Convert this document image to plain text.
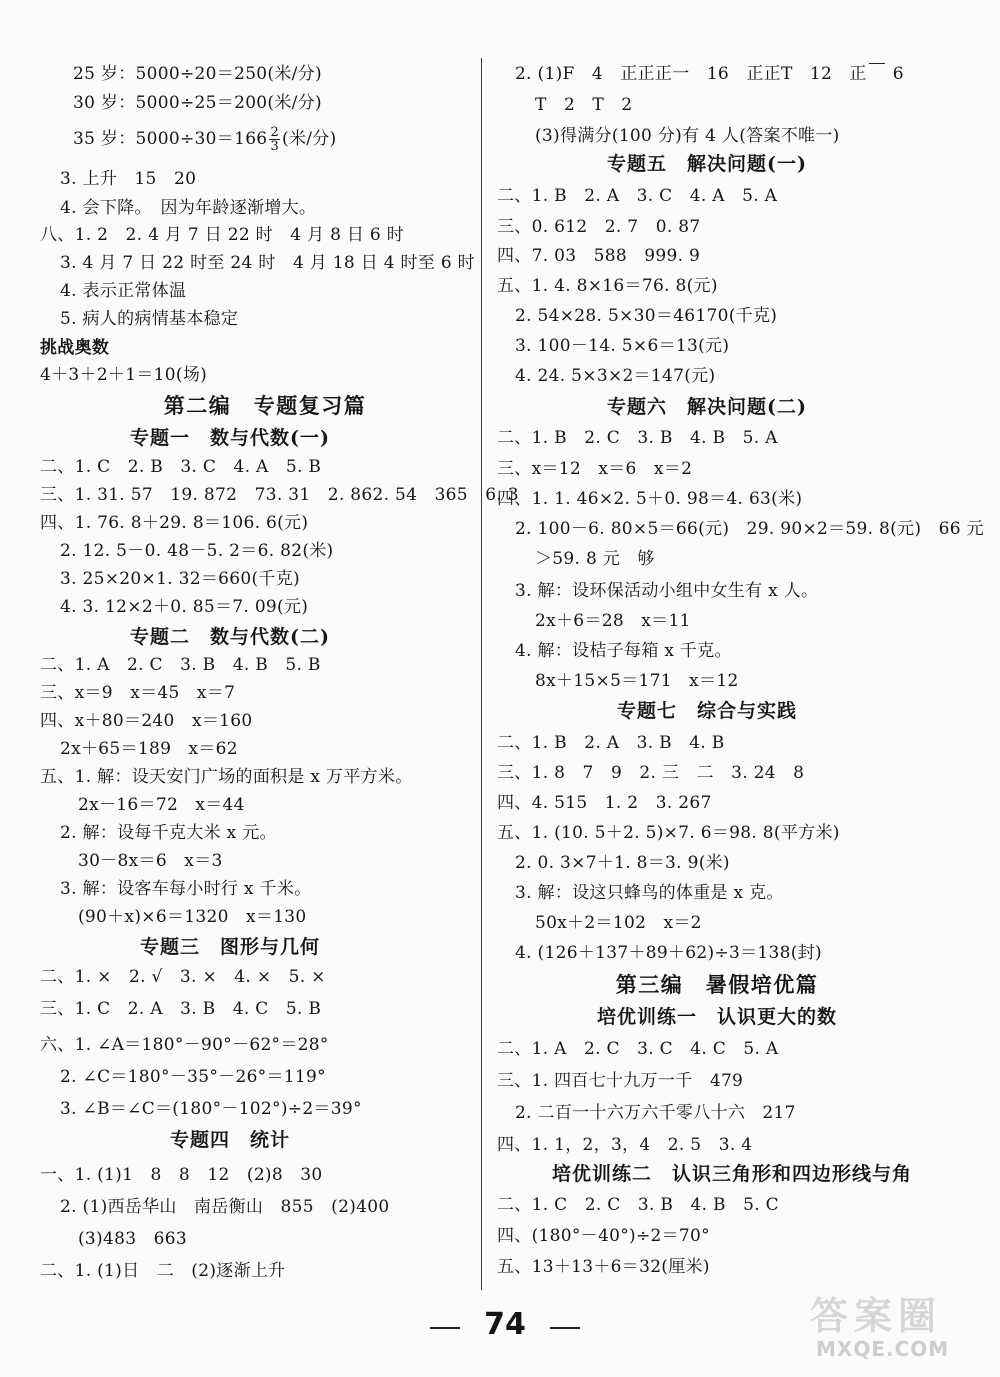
25 岁：5000÷20＝250(米/分)
30 岁：5000÷25＝200(米/分)
35 岁：$5000\div 30=166 \frac{2}{3}$ (米/分)
3. 上升　15　20
4. 会下降。　因为年龄逐渐增大。
八、1. 2　2. 4 月 7 日 22 时　4 月 8 日 6 时
3. 4 月 7 日 22 时至 24 时　4 月 18 日 4 时至 6 时
4. 表示正常体温
5. 病人的病情基本稳定
挑战奥数
4＋3＋2＋1＝10(场)
第二编　专题复习篇
专题一　数与代数(一)
二、1. C　2. B　3. C　4. A　5. B
三、1. 31. 57　19. 872　73. 31　2. 862. 54　365　6. 3
四、1. 76. 8＋29. 8＝106. 6(元)
2. 12. 5－0. 48－5. 2＝6. 82(米)
3. 25×20×1. 32＝660(千克)
4. 3. 12×2＋0. 85＝7. 09(元)
专题二　数与代数(二)
二、1. A　2. C　3. B　4. B　5. B
三、x＝9　x＝45　x＝7
四、x＋80＝240　x＝160
2x＋65＝189　x＝62
五、1. 解：设天安门广场的面积是 x 万平方米。
2x－16＝72　x＝44
2. 解：设每千克大米 x 元。
30－8x＝6　x＝3
3. 解：设客车每小时行 x 千米。
(90＋x)×6＝1320　x＝130
专题三　图形与几何
二、1. ×　2. √　3. ×　4. ×　5. ×
三、1. C　2. A　3. B　4. C　5. B
六、1. ∠A＝180°－90°－62°＝28°
2. ∠C＝180°－35°－26°＝119°
3. ∠B＝∠C＝(180°－102°)÷2＝39°
专题四　统计
一、1. (1)1　8　8　12　(2)8　30
2. (1)西岳华山　南岳衡山　855　(2)400
(3)483　663
二、1. (1)日　二　(2)逐渐上升
2. (1)F　4　正正正一　16　正正T　12　正 6
T　2　T　2
(3)得满分(100 分)有 4 人(答案不唯一)
专题五　解决问题(一)
二、1. B　2. A　3. C　4. A　5. A
三、0. 612　2. 7　0. 87
四、7. 03　588　999. 9
五、1. 4. 8×16＝76. 8(元)
2. 54×28. 5×30＝46170(千克)
3. 100－14. 5×6＝13(元)
4. 24. 5×3×2＝147(元)
专题六　解决问题(二)
二、1. B　2. C　3. B　4. B　5. A
三、x＝12　x＝6　x＝2
四、1. 1. 46×2. 5＋0. 98＝4. 63(米)
2. 100－6. 80×5＝66(元)　29. 90×2＝59. 8(元)　66 元
＞59. 8 元　够
3. 解：设环保活动小组中女生有 x 人。
2x＋6＝28　x＝11
4. 解：设桔子每箱 x 千克。
8x＋15×5＝171　x＝12
专题七　综合与实践
二、1. B　2. A　3. B　4. B
三、1. 8　7　9　2. 三　二　3. 24　8
四、4. 515　1. 2　3. 267
五、1. (10. 5＋2. 5)×7. 6＝98. 8(平方米)
2. 0. 3×7＋1. 8＝3. 9(米)
3. 解：设这只蜂鸟的体重是 x 克。
50x＋2＝102　x＝2
4. (126＋137＋89＋62)÷3＝138(封)
第三编　暑假培优篇
培优训练一　认识更大的数
二、1. A　2. C　3. C　4. C　5. A
三、1. 四百七十九万一千　479
2. 二百一十六万六千零八十六　217
四、1. 1，2，3，4　2. 5　3. 4
培优训练二　认识三角形和四边形线与角
二、1. C　2. C　3. B　4. B　5. C
四、(180°－40°)÷2＝70°
五、13＋13＋6＝32(厘米)
74	答案圈
MXQE.COM
